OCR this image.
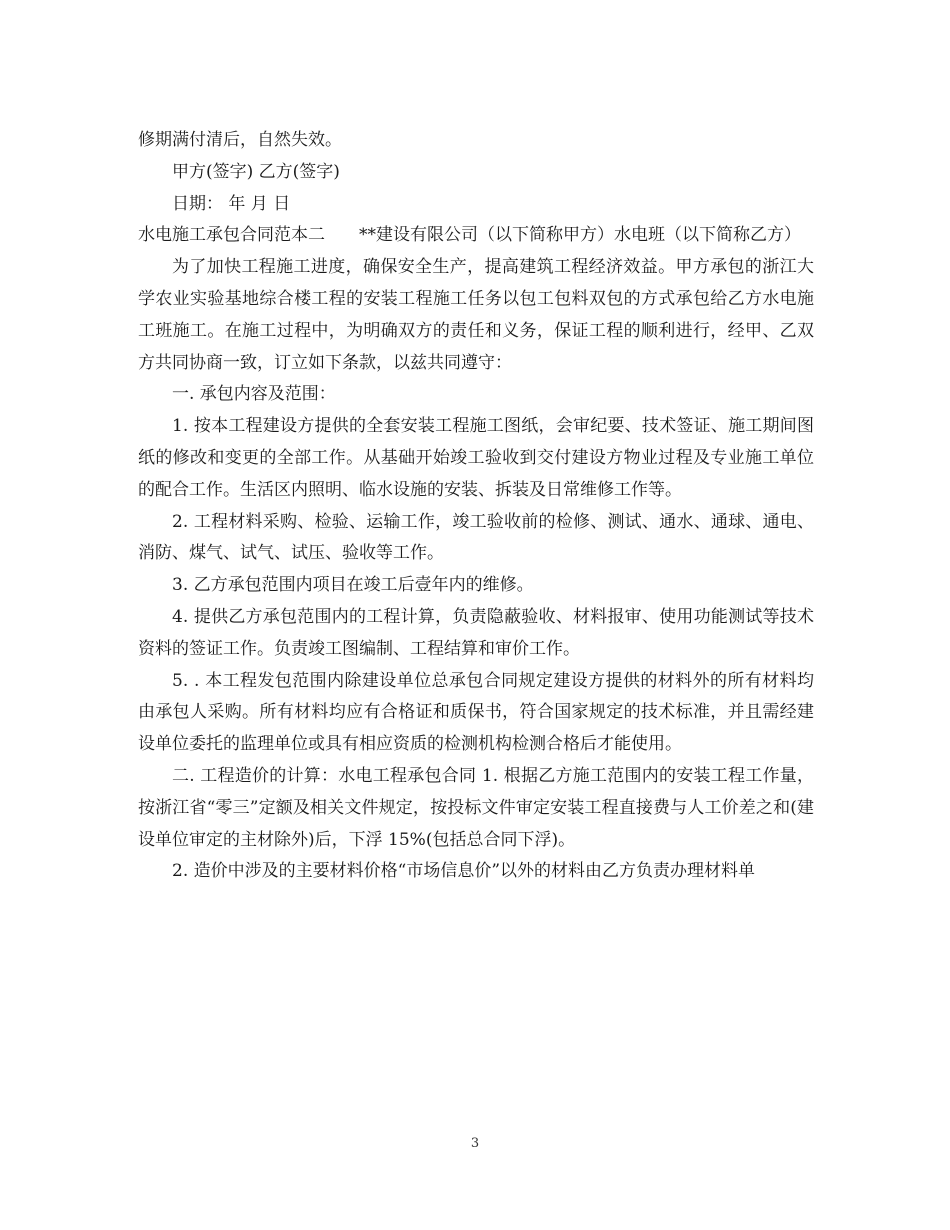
修期满付清后，自然失效。

甲方(签字) 乙方(签字)

日期： 年 月 日

水电施工承包合同范本二　　**建设有限公司（以下简称甲方）水电班（以下简称乙方）

为了加快工程施工进度，确保安全生产，提高建筑工程经济效益。甲方承包的浙江大学农业实验基地综合楼工程的安装工程施工任务以包工包料双包的方式承包给乙方水电施工班施工。在施工过程中，为明确双方的责任和义务，保证工程的顺利进行，经甲、乙双方共同协商一致，订立如下条款，以兹共同遵守：

一. 承包内容及范围：

1. 按本工程建设方提供的全套安装工程施工图纸，会审纪要、技术签证、施工期间图纸的修改和变更的全部工作。从基础开始竣工验收到交付建设方物业过程及专业施工单位的配合工作。生活区内照明、临水设施的安装、拆装及日常维修工作等。

2. 工程材料采购、检验、运输工作，竣工验收前的检修、测试、通水、通球、通电、消防、煤气、试气、试压、验收等工作。

3. 乙方承包范围内项目在竣工后壹年内的维修。

4. 提供乙方承包范围内的工程计算，负责隐蔽验收、材料报审、使用功能测试等技术资料的签证工作。负责竣工图编制、工程结算和审价工作。

5. . 本工程发包范围内除建设单位总承包合同规定建设方提供的材料外的所有材料均由承包人采购。所有材料均应有合格证和质保书，符合国家规定的技术标准，并且需经建设单位委托的监理单位或具有相应资质的检测机构检测合格后才能使用。

二. 工程造价的计算：水电工程承包合同 1. 根据乙方施工范围内的安装工程工作量，按浙江省“零三”定额及相关文件规定，按投标文件审定安装工程直接费与人工价差之和(建设单位审定的主材除外)后，下浮 15%(包括总合同下浮)。

2. 造价中涉及的主要材料价格“市场信息价”以外的材料由乙方负责办理材料单

3
